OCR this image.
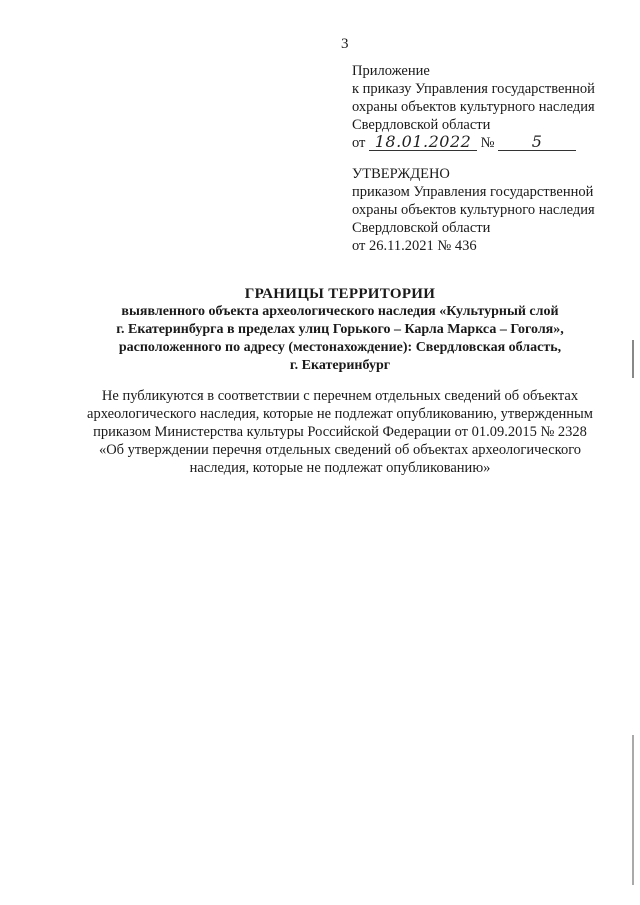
3
Приложение
к приказу Управления государственной
охраны объектов культурного наследия
Свердловской области
от 18.01.2022 № 5
УТВЕРЖДЕНО
приказом Управления государственной
охраны объектов культурного наследия
Свердловской области
от 26.11.2021 № 436
ГРАНИЦЫ ТЕРРИТОРИИ
выявленного объекта археологического наследия «Культурный слой
г. Екатеринбурга в пределах улиц Горького – Карла Маркса – Гоголя»,
расположенного по адресу (местонахождение): Свердловская область,
г. Екатеринбург
Не публикуются в соответствии с перечнем отдельных сведений об объектах
археологического наследия, которые не подлежат опубликованию, утвержденным
приказом Министерства культуры Российской Федерации от 01.09.2015 № 2328
«Об утверждении перечня отдельных сведений об объектах археологического
наследия, которые не подлежат опубликованию»
